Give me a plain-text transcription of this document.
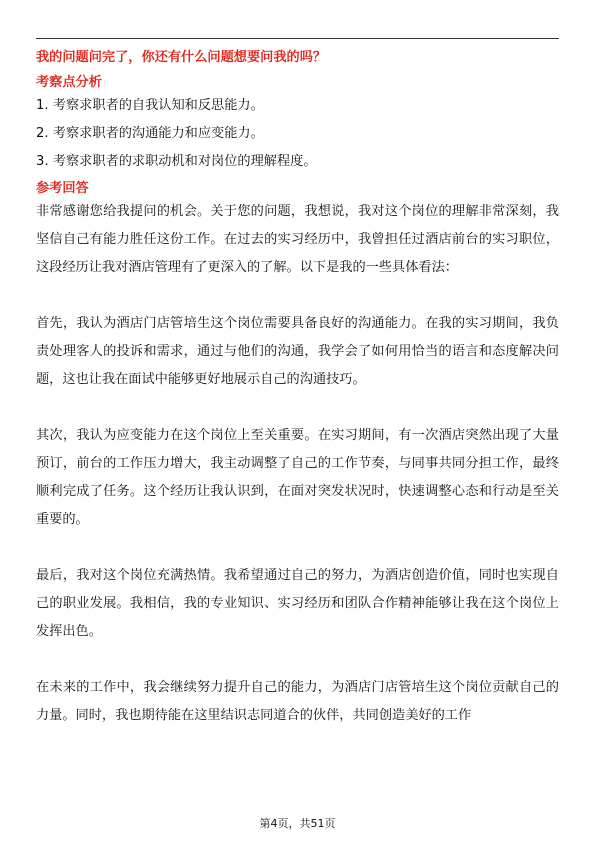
我的问题问完了，你还有什么问题想要问我的吗？

考察点分析

1. 考察求职者的自我认知和反思能力。

2. 考察求职者的沟通能力和应变能力。

3. 考察求职者的求职动机和对岗位的理解程度。

参考回答

非常感谢您给我提问的机会。关于您的问题，我想说，我对这个岗位的理解非常深刻，我坚信自己有能力胜任这份工作。在过去的实习经历中，我曾担任过酒店前台的实习职位，这段经历让我对酒店管理有了更深入的了解。以下是我的一些具体看法：

首先，我认为酒店门店管培生这个岗位需要具备良好的沟通能力。在我的实习期间，我负责处理客人的投诉和需求，通过与他们的沟通，我学会了如何用恰当的语言和态度解决问题，这也让我在面试中能够更好地展示自己的沟通技巧。

其次，我认为应变能力在这个岗位上至关重要。在实习期间，有一次酒店突然出现了大量预订，前台的工作压力增大，我主动调整了自己的工作节奏，与同事共同分担工作，最终顺利完成了任务。这个经历让我认识到，在面对突发状况时，快速调整心态和行动是至关重要的。

最后，我对这个岗位充满热情。我希望通过自己的努力，为酒店创造价值，同时也实现自己的职业发展。我相信，我的专业知识、实习经历和团队合作精神能够让我在这个岗位上发挥出色。

在未来的工作中，我会继续努力提升自己的能力，为酒店门店管培生这个岗位贡献自己的力量。同时，我也期待能在这里结识志同道合的伙伴，共同创造美好的工作

第4页，共51页
